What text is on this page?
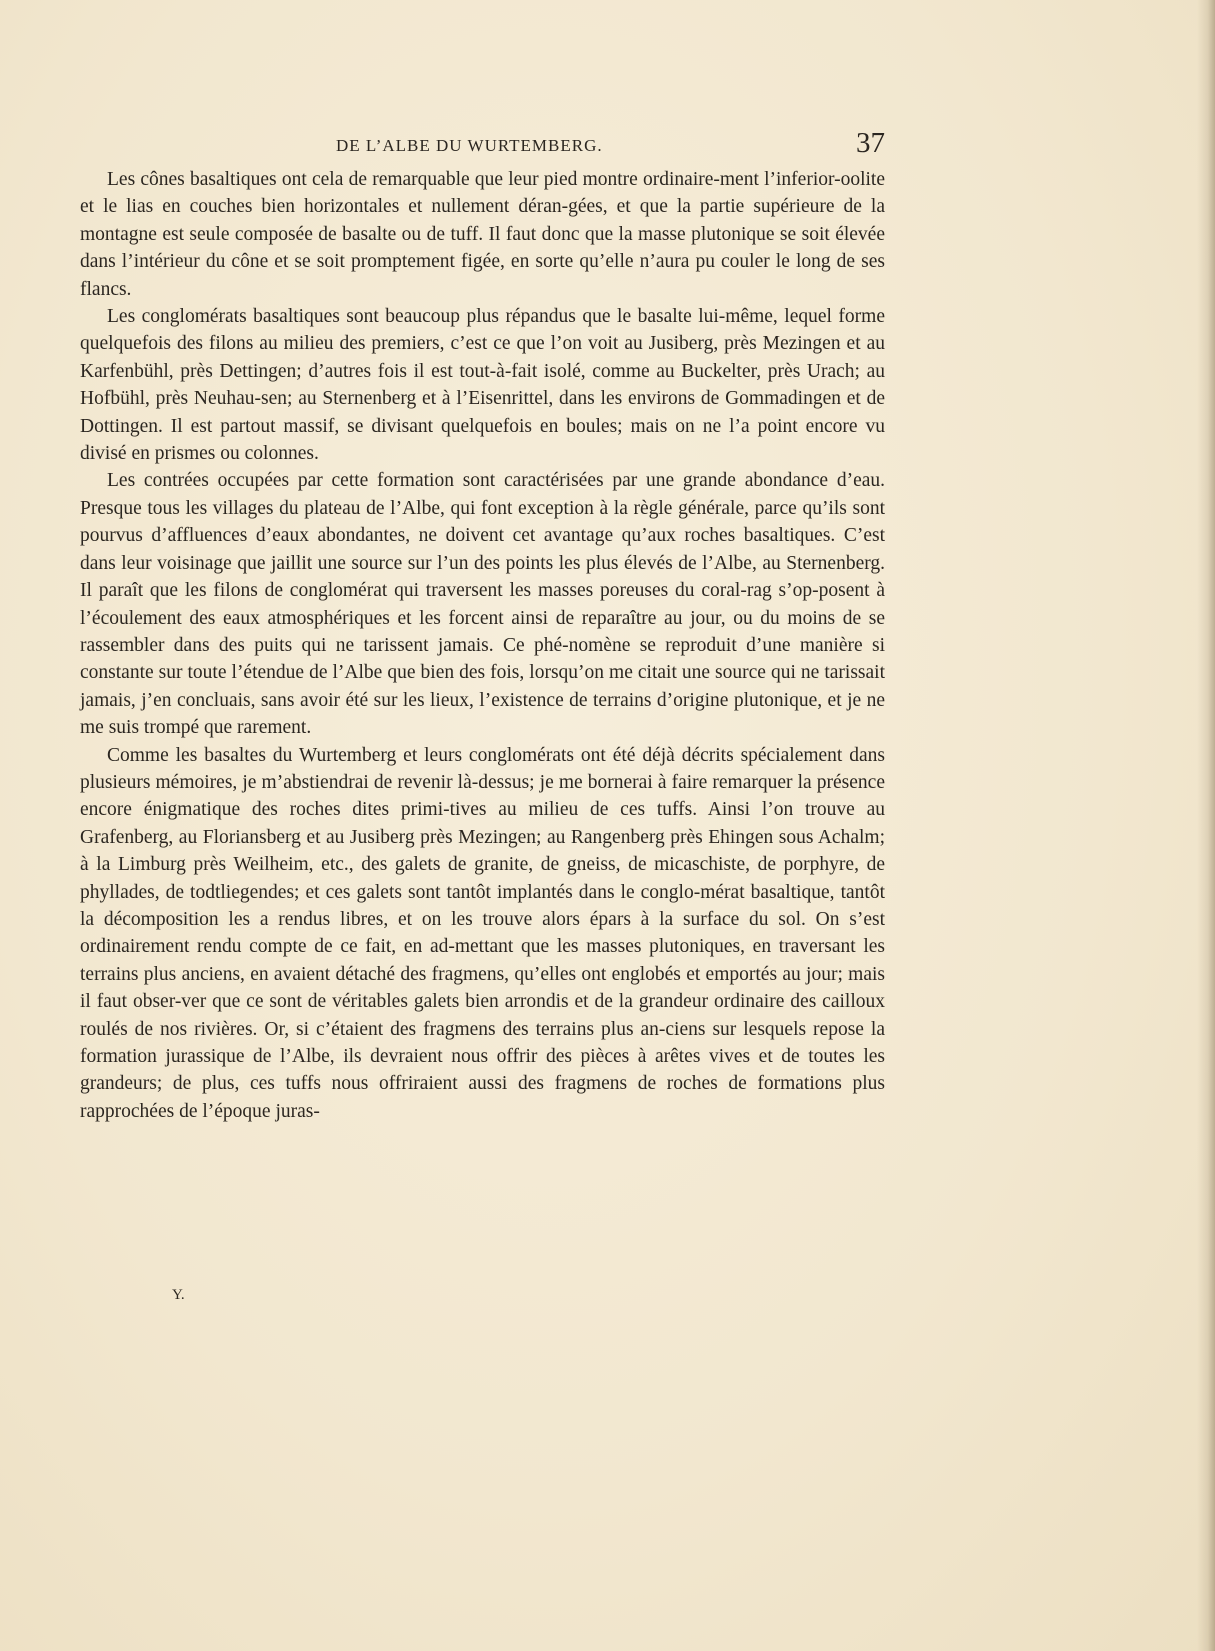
DE L’ALBE DU WURTEMBERG.	37

Les cônes basaltiques ont cela de remarquable que leur pied montre ordinaire-ment l’inferior-oolite et le lias en couches bien horizontales et nullement déran-gées, et que la partie supérieure de la montagne est seule composée de basalte ou de tuff. Il faut donc que la masse plutonique se soit élevée dans l’intérieur du cône et se soit promptement figée, en sorte qu’elle n’aura pu couler le long de ses flancs.

Les conglomérats basaltiques sont beaucoup plus répandus que le basalte lui-même, lequel forme quelquefois des filons au milieu des premiers, c’est ce que l’on voit au Jusiberg, près Mezingen et au Karfenbühl, près Dettingen; d’autres fois il est tout-à-fait isolé, comme au Buckelter, près Urach; au Hofbühl, près Neuhau-sen; au Sternenberg et à l’Eisenrittel, dans les environs de Gommadingen et de Dottingen. Il est partout massif, se divisant quelquefois en boules; mais on ne l’a point encore vu divisé en prismes ou colonnes.

Les contrées occupées par cette formation sont caractérisées par une grande abondance d’eau. Presque tous les villages du plateau de l’Albe, qui font exception à la règle générale, parce qu’ils sont pourvus d’affluences d’eaux abondantes, ne doivent cet avantage qu’aux roches basaltiques. C’est dans leur voisinage que jaillit une source sur l’un des points les plus élevés de l’Albe, au Sternenberg. Il paraît que les filons de conglomérat qui traversent les masses poreuses du coral-rag s’op-posent à l’écoulement des eaux atmosphériques et les forcent ainsi de reparaître au jour, ou du moins de se rassembler dans des puits qui ne tarissent jamais. Ce phé-nomène se reproduit d’une manière si constante sur toute l’étendue de l’Albe que bien des fois, lorsqu’on me citait une source qui ne tarissait jamais, j’en concluais, sans avoir été sur les lieux, l’existence de terrains d’origine plutonique, et je ne me suis trompé que rarement.

Comme les basaltes du Wurtemberg et leurs conglomérats ont été déjà décrits spécialement dans plusieurs mémoires, je m’abstiendrai de revenir là-dessus; je me bornerai à faire remarquer la présence encore énigmatique des roches dites primi-tives au milieu de ces tuffs. Ainsi l’on trouve au Grafenberg, au Floriansberg et au Jusiberg près Mezingen; au Rangenberg près Ehingen sous Achalm; à la Limburg près Weilheim, etc., des galets de granite, de gneiss, de micaschiste, de porphyre, de phyllades, de todtliegendes; et ces galets sont tantôt implantés dans le conglo-mérat basaltique, tantôt la décomposition les a rendus libres, et on les trouve alors épars à la surface du sol. On s’est ordinairement rendu compte de ce fait, en ad-mettant que les masses plutoniques, en traversant les terrains plus anciens, en avaient détaché des fragmens, qu’elles ont englobés et emportés au jour; mais il faut obser-ver que ce sont de véritables galets bien arrondis et de la grandeur ordinaire des cailloux roulés de nos rivières. Or, si c’étaient des fragmens des terrains plus an-ciens sur lesquels repose la formation jurassique de l’Albe, ils devraient nous offrir des pièces à arêtes vives et de toutes les grandeurs; de plus, ces tuffs nous offriraient aussi des fragmens de roches de formations plus rapprochées de l’époque juras-

Y.
